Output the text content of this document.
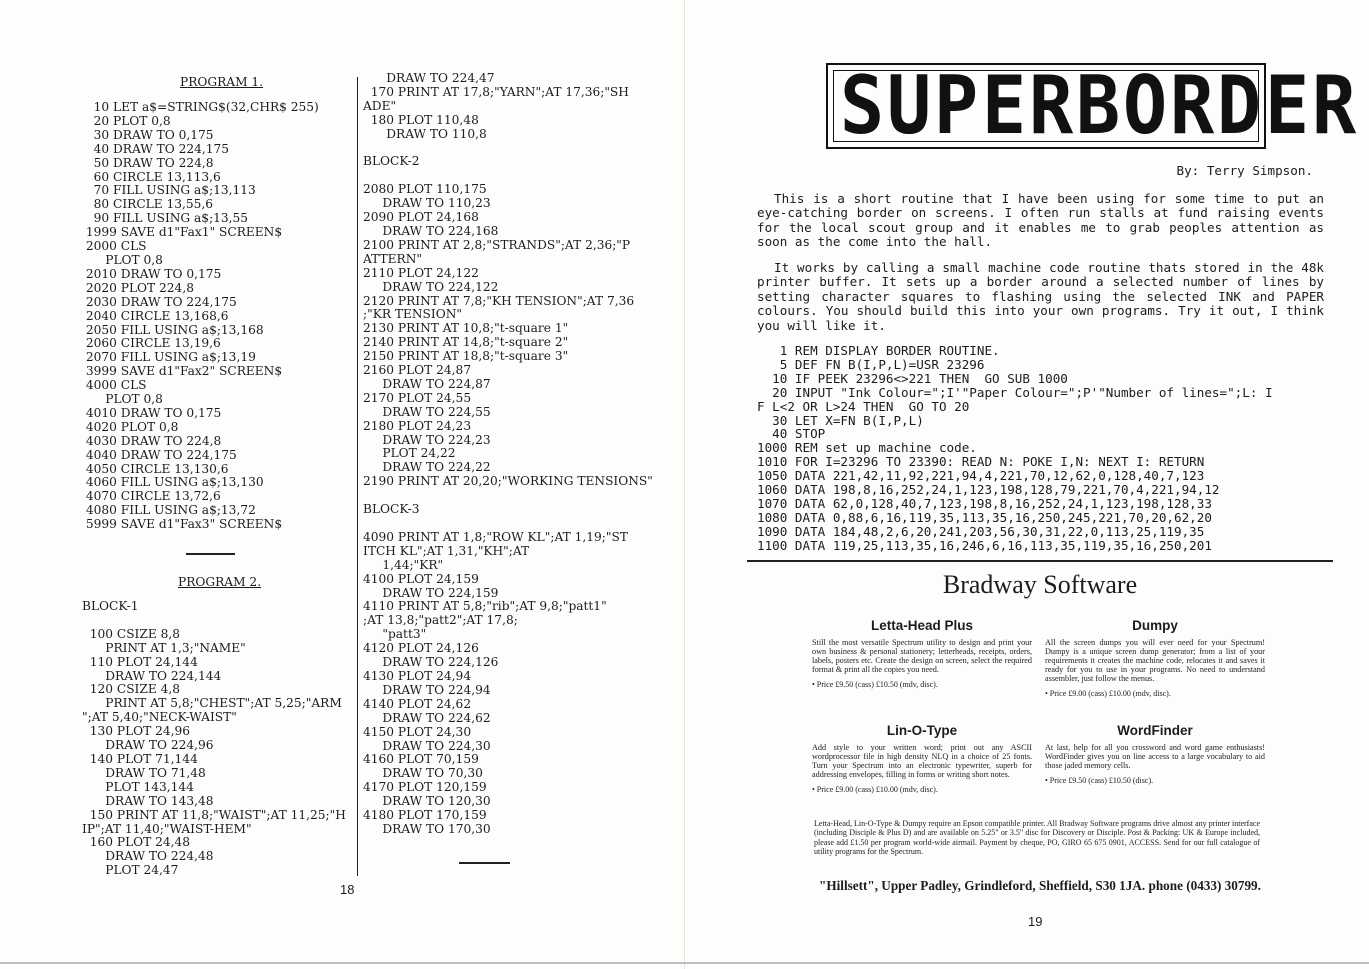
PROGRAM 1.
10 LET a$=STRING$(32,CHR$ 255)
20 PLOT 0,8
30 DRAW TO 0,175
40 DRAW TO 224,175
50 DRAW TO 224,8
60 CIRCLE 13,113,6
70 FILL USING a$;13,113
80 CIRCLE 13,55,6
90 FILL USING a$;13,55
1999 SAVE d1"Fax1" SCREEN$
2000 CLS
PLOT 0,8
2010 DRAW TO 0,175
2020 PLOT 224,8
2030 DRAW TO 224,175
2040 CIRCLE 13,168,6
2050 FILL USING a$;13,168
2060 CIRCLE 13,19,6
2070 FILL USING a$;13,19
3999 SAVE d1"Fax2" SCREEN$
4000 CLS
PLOT 0,8
4010 DRAW TO 0,175
4020 PLOT 0,8
4030 DRAW TO 224,8
4040 DRAW TO 224,175
4050 CIRCLE 13,130,6
4060 FILL USING a$;13,130
4070 CIRCLE 13,72,6
4080 FILL USING a$;13,72
5999 SAVE d1"Fax3" SCREEN$
PROGRAM 2.
BLOCK-1

100 CSIZE 8,8
PRINT AT 1,3;"NAME"
110 PLOT 24,144
DRAW TO 224,144
120 CSIZE 4,8
PRINT AT 5,8;"CHEST";AT 5,25;"ARM
";AT 5,40;"NECK-WAIST"
130 PLOT 24,96
DRAW TO 224,96
140 PLOT 71,144
DRAW TO 71,48
PLOT 143,144
DRAW TO 143,48
150 PRINT AT 11,8;"WAIST";AT 11,25;"H
IP";AT 11,40;"WAIST-HEM"
160 PLOT 24,48
DRAW TO 224,48
PLOT 24,47
DRAW TO 224,47
170 PRINT AT 17,8;"YARN";AT 17,36;"SH
ADE"
180 PLOT 110,48
DRAW TO 110,8

BLOCK-2

2080 PLOT 110,175
DRAW TO 110,23
2090 PLOT 24,168
DRAW TO 224,168
2100 PRINT AT 2,8;"STRANDS";AT 2,36;"P
ATTERN"
2110 PLOT 24,122
DRAW TO 224,122
2120 PRINT AT 7,8;"KH TENSION";AT 7,36
;"KR TENSION"
2130 PRINT AT 10,8;"t-square 1"
2140 PRINT AT 14,8;"t-square 2"
2150 PRINT AT 18,8;"t-square 3"
2160 PLOT 24,87
DRAW TO 224,87
2170 PLOT 24,55
DRAW TO 224,55
2180 PLOT 24,23
DRAW TO 224,23
PLOT 24,22
DRAW TO 224,22
2190 PRINT AT 20,20;"WORKING TENSIONS"

BLOCK-3

4090 PRINT AT 1,8;"ROW KL";AT 1,19;"ST
ITCH KL";AT 1,31,"KH";AT
1,44;"KR"
4100 PLOT 24,159
DRAW TO 224,159
4110 PRINT AT 5,8;"rib";AT 9,8;"patt1"
;AT 13,8;"patt2";AT 17,8;
"patt3"
4120 PLOT 24,126
DRAW TO 224,126
4130 PLOT 24,94
DRAW TO 224,94
4140 PLOT 24,62
DRAW TO 224,62
4150 PLOT 24,30
DRAW TO 224,30
4160 PLOT 70,159
DRAW TO 70,30
4170 PLOT 120,159
DRAW TO 120,30
4180 PLOT 170,159
DRAW TO 170,30
18
S U P E R B O R D E R
By: Terry Simpson.

This is a short routine that I have been using for some time to put an eye-catching border on screens. I often run stalls at fund raising events for the local scout group and it enables me to grab peoples attention as soon as the come into the hall.

It works by calling a small machine code routine thats stored in the 48k printer buffer. It sets up a border around a selected number of lines by setting character squares to flashing using the selected INK and PAPER colours. You should build this into your own programs. Try it out, I think you will like it.

1 REM DISPLAY BORDER ROUTINE.
5 DEF FN B(I,P,L)=USR 23296
10 IF PEEK 23296<>221 THEN  GO SUB 1000
20 INPUT "Ink Colour=";I'"Paper Colour=";P'"Number of lines=";L: I
F L<2 OR L>24 THEN  GO TO 20
30 LET X=FN B(I,P,L)
40 STOP
1000 REM set up machine code.
1010 FOR I=23296 TO 23390: READ N: POKE I,N: NEXT I: RETURN
1050 DATA 221,42,11,92,221,94,4,221,70,12,62,0,128,40,7,123
1060 DATA 198,8,16,252,24,1,123,198,128,79,221,70,4,221,94,12
1070 DATA 62,0,128,40,7,123,198,8,16,252,24,1,123,198,128,33
1080 DATA 0,88,6,16,119,35,113,35,16,250,245,221,70,20,62,20
1090 DATA 184,48,2,6,20,241,203,56,30,31,22,0,113,25,119,35
1100 DATA 119,25,113,35,16,246,6,16,113,35,119,35,16,250,201
Bradway Software
Letta-Head Plus

Still the most versatile Spectrum utility to design and print your own business & personal stationery; letterheads, receipts, orders, labels, posters etc. Create the design on screen, select the required format & print all the copies you need.

• Price £9.50 (cass) £10.50 (mdv, disc).
Dumpy

All the screen dumps you will ever need for your Spectrum! Dumpy is a unique screen dump generator; from a list of your requirements it creates the machine code, relocates it and saves it ready for you to use in your programs. No need to understand assembler, just follow the menus.

• Price £9.00 (cass) £10.00 (mdv, disc).
Lin-O-Type

Add style to your written word; print out any ASCII wordprocessor file in high density NLQ in a choice of 25 fonts. Turn your Spectrum into an electronic typewriter, superb for addressing envelopes, filling in forms or writing short notes.

• Price £9.00 (cass) £10.00 (mdv, disc).
WordFinder

At last, help for all you crossword and word game enthusiasts! WordFinder gives you on line access to a large vocabulary to aid those jaded memory cells.

• Price £9.50 (cass) £10.50 (disc).
Letta-Head, Lin-O-Type & Dumpy require an Epson compatible printer. All Bradway Software programs drive almost any printer interface (including Disciple & Plus D) and are available on 5.25" or 3.5" disc for Discovery or Disciple. Post & Packing: UK & Europe included, please add £1.50 per program world-wide airmail. Payment by cheque, PO, GIRO 65 675 0901, ACCESS. Send for our full catalogue of utility programs for the Spectrum.
"Hillsett", Upper Padley, Grindleford, Sheffield, S30 1JA. phone (0433) 30799.
19
